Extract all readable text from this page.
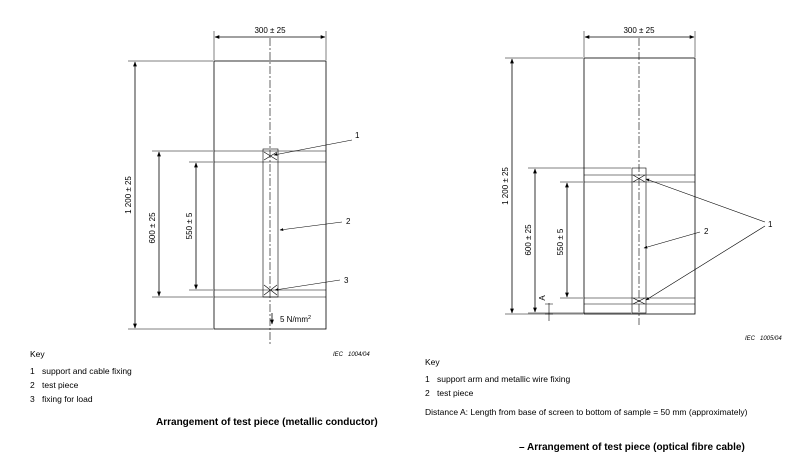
300 ± 25
1 200 ± 25
600 ± 25	550 ± 5
1
2
3
5 $N/mm^2$
IEC   1004/04
300 ± 25
1 200 ± 25
600 ± 25	550 ± 5
A
1
2
IEC   1005/04
Key
1 support and cable fixing
2 test piece
3 fixing for load
Arrangement of test piece (metallic conductor)
Key
1 support arm and metallic wire fixing
2 test piece
Distance A: Length from base of screen to bottom of sample = 50 mm (approximately)
– Arrangement of test piece (optical fibre cable)
